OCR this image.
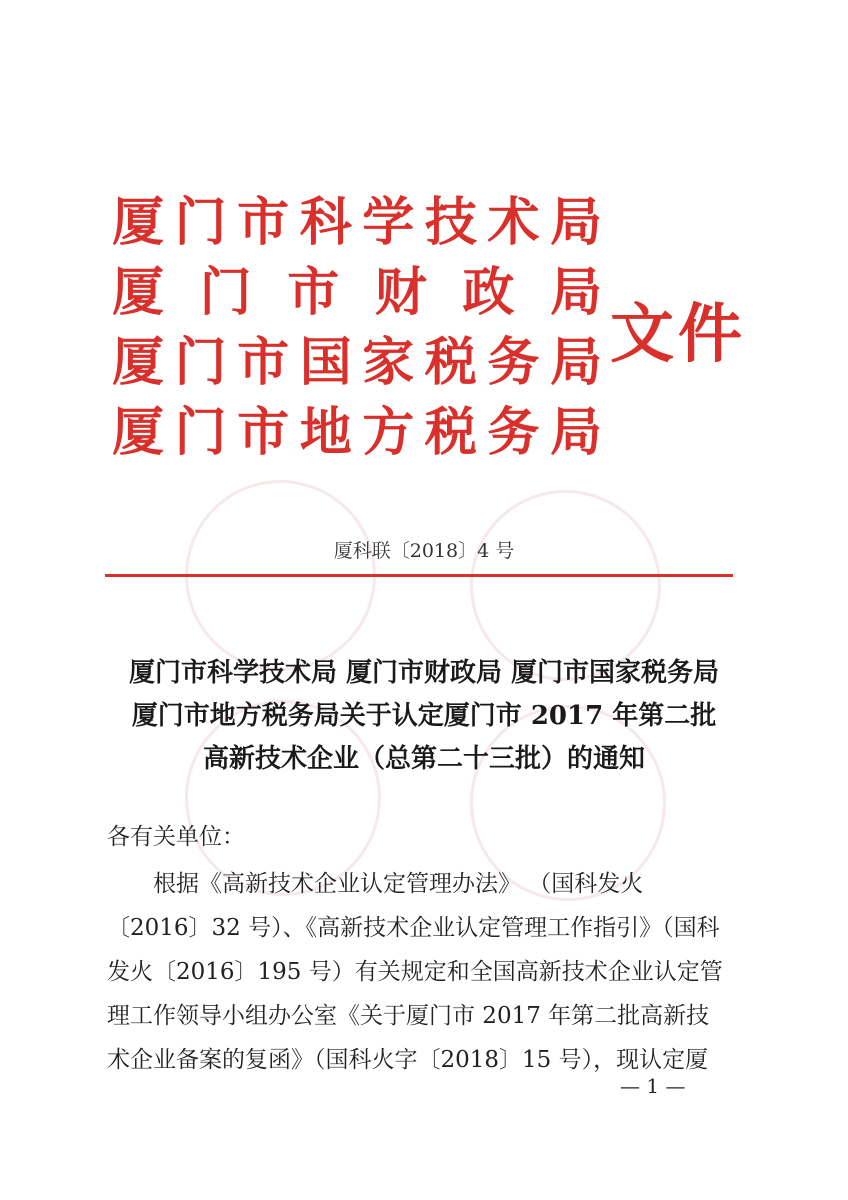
厦 门 市 科 学 技 术 局
厦 门 市 财 政 局
厦 门 市 国 家 税 务 局
厦 门 市 地 方 税 务 局
文件
厦科联〔2018〕4 号
厦门市科学技术局 厦门市财政局 厦门市国家税务局
厦门市地方税务局关于认定厦门市 2017 年第二批
高新技术企业（总第二十三批）的通知
各有关单位：
根据《高新技术企业认定管理办法》 （国科发火
〔2016〕32 号）、《高新技术企业认定管理工作指引》（国科
发火〔2016〕195 号）有关规定和全国高新技术企业认定管
理工作领导小组办公室《关于厦门市 2017 年第二批高新技
术企业备案的复函》（国科火字〔2018〕15 号），现认定厦
— 1 —
